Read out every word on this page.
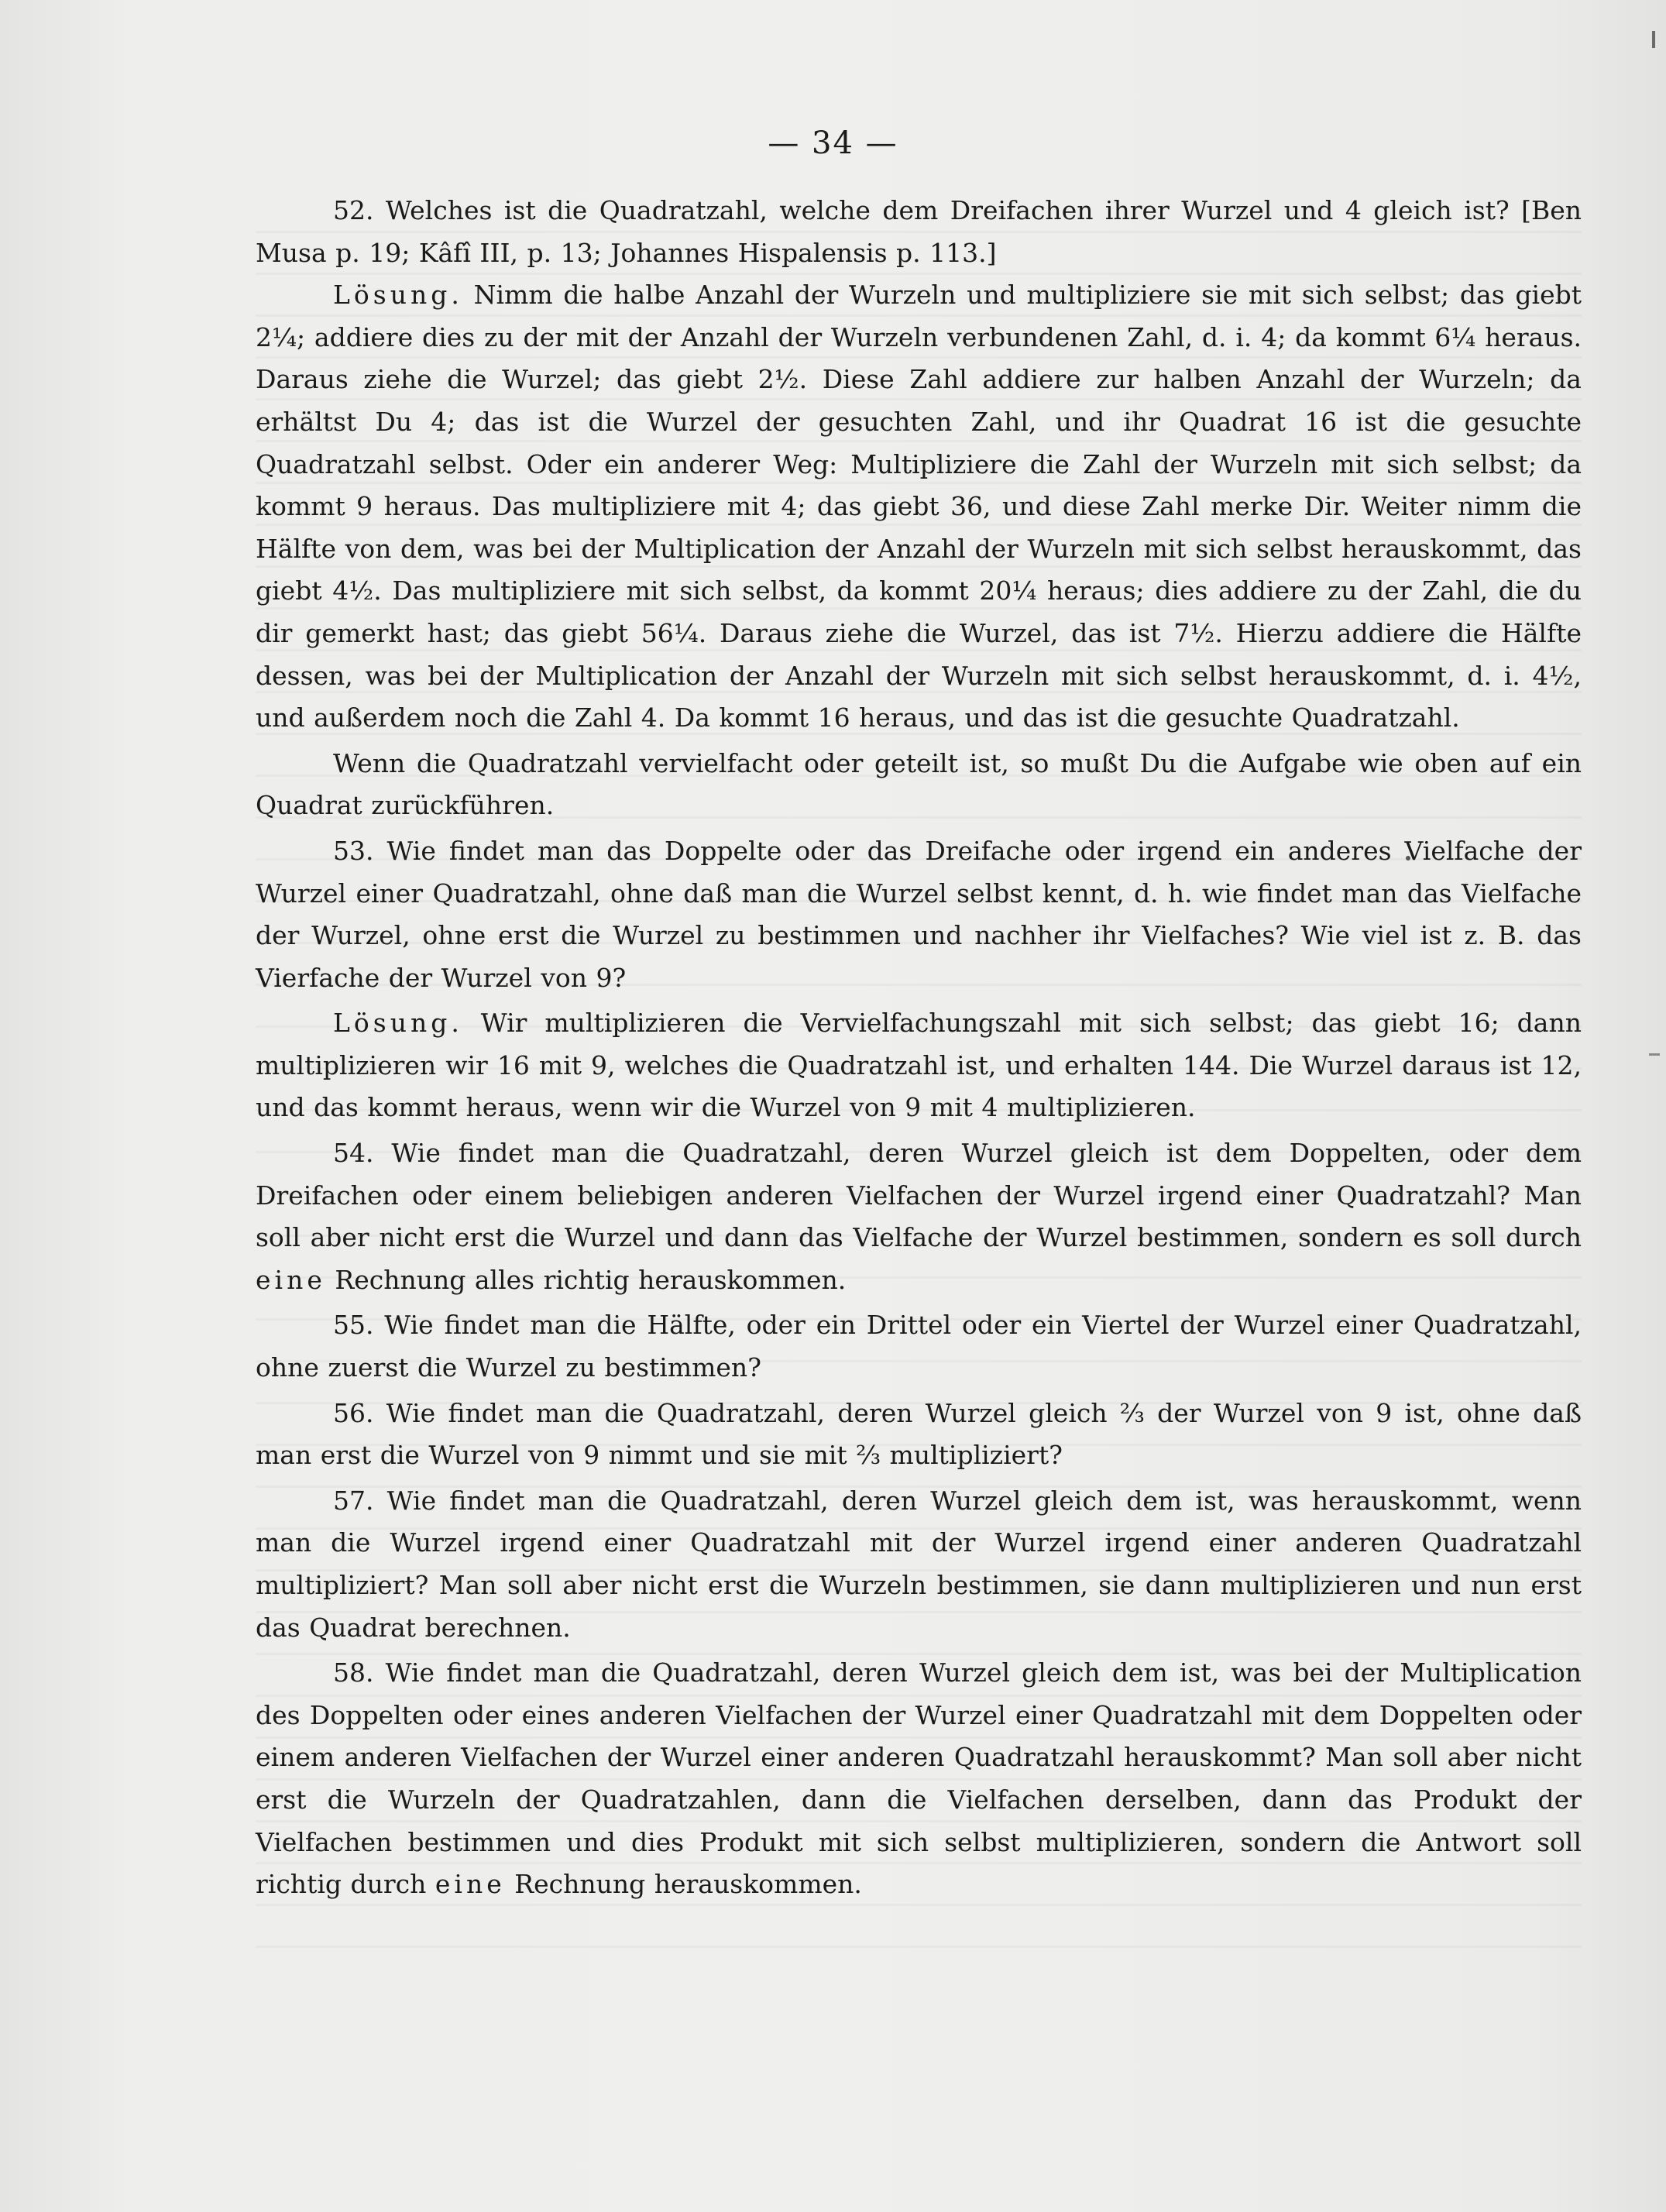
— 34 —

52. Welches ist die Quadratzahl, welche dem Dreifachen ihrer Wurzel und 4 gleich ist? [Ben Musa p. 19; Kâfî III, p. 13; Johannes Hispalensis p. 113.]

Lösung. Nimm die halbe Anzahl der Wurzeln und multipliziere sie mit sich selbst; das giebt 2¼; addiere dies zu der mit der Anzahl der Wurzeln verbundenen Zahl, d. i. 4; da kommt 6¼ heraus. Daraus ziehe die Wurzel; das giebt 2½. Diese Zahl addiere zur halben Anzahl der Wurzeln; da erhältst Du 4; das ist die Wurzel der gesuchten Zahl, und ihr Quadrat 16 ist die gesuchte Quadratzahl selbst. Oder ein anderer Weg: Multipliziere die Zahl der Wurzeln mit sich selbst; da kommt 9 heraus. Das multipliziere mit 4; das giebt 36, und diese Zahl merke Dir. Weiter nimm die Hälfte von dem, was bei der Multiplication der Anzahl der Wurzeln mit sich selbst herauskommt, das giebt 4½. Das multipliziere mit sich selbst, da kommt 20¼ heraus; dies addiere zu der Zahl, die du dir gemerkt hast; das giebt 56¼. Daraus ziehe die Wurzel, das ist 7½. Hierzu addiere die Hälfte dessen, was bei der Multiplication der Anzahl der Wurzeln mit sich selbst herauskommt, d. i. 4½, und außerdem noch die Zahl 4. Da kommt 16 heraus, und das ist die gesuchte Quadratzahl.

Wenn die Quadratzahl vervielfacht oder geteilt ist, so mußt Du die Aufgabe wie oben auf ein Quadrat zurückführen.

53. Wie findet man das Doppelte oder das Dreifache oder irgend ein anderes Vielfache der Wurzel einer Quadratzahl, ohne daß man die Wurzel selbst kennt, d. h. wie findet man das Vielfache der Wurzel, ohne erst die Wurzel zu bestimmen und nachher ihr Vielfaches? Wie viel ist z. B. das Vierfache der Wurzel von 9?

Lösung. Wir multiplizieren die Vervielfachungszahl mit sich selbst; das giebt 16; dann multiplizieren wir 16 mit 9, welches die Quadratzahl ist, und erhalten 144. Die Wurzel daraus ist 12, und das kommt heraus, wenn wir die Wurzel von 9 mit 4 multiplizieren.

54. Wie findet man die Quadratzahl, deren Wurzel gleich ist dem Doppelten, oder dem Dreifachen oder einem beliebigen anderen Vielfachen der Wurzel irgend einer Quadratzahl? Man soll aber nicht erst die Wurzel und dann das Vielfache der Wurzel bestimmen, sondern es soll durch eine Rechnung alles richtig herauskommen.

55. Wie findet man die Hälfte, oder ein Drittel oder ein Viertel der Wurzel einer Quadratzahl, ohne zuerst die Wurzel zu bestimmen?

56. Wie findet man die Quadratzahl, deren Wurzel gleich ⅔ der Wurzel von 9 ist, ohne daß man erst die Wurzel von 9 nimmt und sie mit ⅔ multipliziert?

57. Wie findet man die Quadratzahl, deren Wurzel gleich dem ist, was herauskommt, wenn man die Wurzel irgend einer Quadratzahl mit der Wurzel irgend einer anderen Quadratzahl multipliziert? Man soll aber nicht erst die Wurzeln bestimmen, sie dann multiplizieren und nun erst das Quadrat berechnen.

58. Wie findet man die Quadratzahl, deren Wurzel gleich dem ist, was bei der Multiplication des Doppelten oder eines anderen Vielfachen der Wurzel einer Quadratzahl mit dem Doppelten oder einem anderen Vielfachen der Wurzel einer anderen Quadratzahl herauskommt? Man soll aber nicht erst die Wurzeln der Quadratzahlen, dann die Vielfachen derselben, dann das Produkt der Vielfachen bestimmen und dies Produkt mit sich selbst multiplizieren, sondern die Antwort soll richtig durch eine Rechnung herauskommen.
